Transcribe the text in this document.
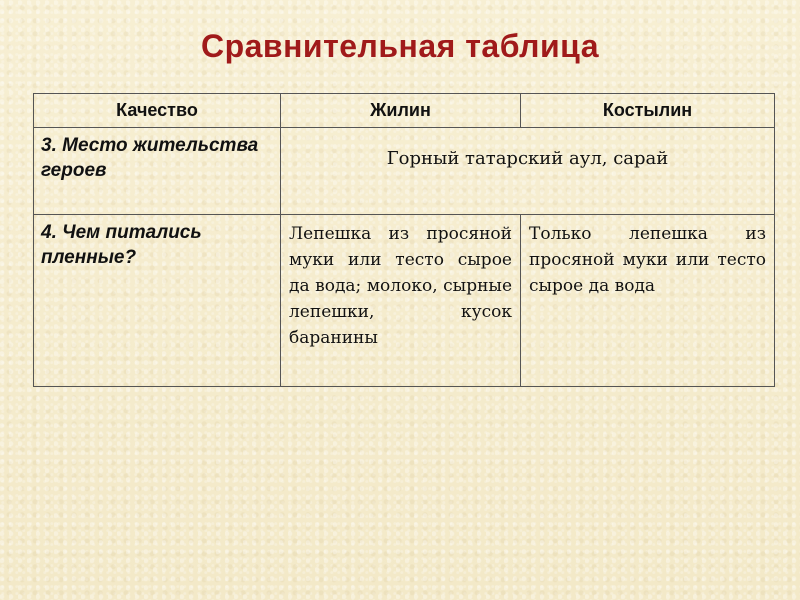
Сравнительная таблица
Качество	Жилин	Костылин
3. Место жительства героев	Горный татарский аул, сарай	
4. Чем питались пленные?	Лепешка из просяной муки или тесто сырое да вода; молоко, сырные лепешки, кусок баранины	Только лепешка из просяной муки или тесто сырое да вода
